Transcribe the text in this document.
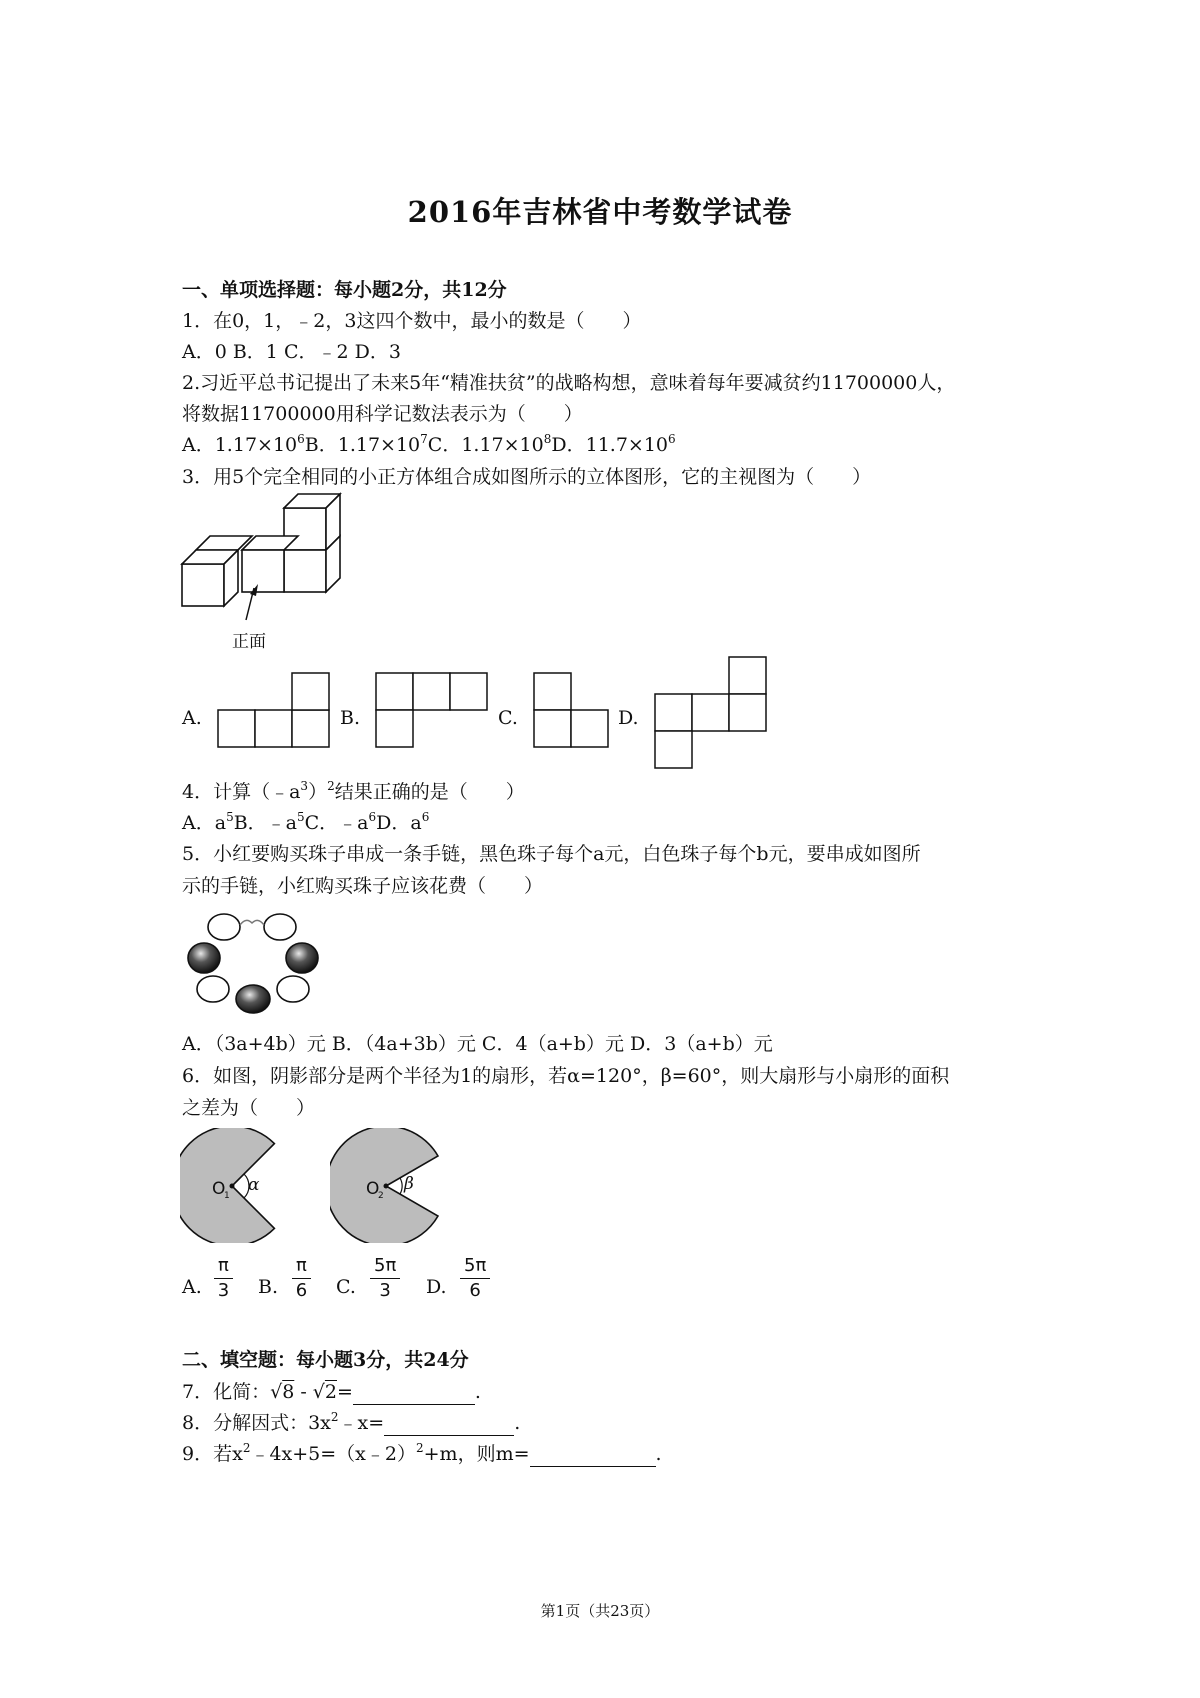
2016年吉林省中考数学试卷
一、单项选择题：每小题2分，共12分
1．在0，1，﹣2，3这四个数中，最小的数是（　　）
A．0 B．1 C．﹣2 D．3
2.习近平总书记提出了未来5年“精准扶贫”的战略构想，意味着每年要减贫约11700000人，
将数据11700000用科学记数法表示为（　　）
A．$1.17\times 10^6B$．$1.17\times 10^7C$．$1.17\times 10^8D$．$11.7\times 10^6$
3．用5个完全相同的小正方体组合成如图所示的立体图形，它的主视图为（　　）
正面
A.	B.	C.	D.
4．计算$(﹣a^3)^2$结果正确的是（　　）
A．$a^5B$．$﹣a^5C$．$﹣a^6D$．$a^6$
5．小红要购买珠子串成一条手链，黑色珠子每个a元，白色珠子每个b元，要串成如图所
示的手链，小红购买珠子应该花费（　　）
A．（3a+4b）元 B．（4a+3b）元 C．4（a+b）元 D．3（a+b）元
6．如图，阴影部分是两个半径为1的扇形，若α=120°，β=60°，则大扇形与小扇形的面积
之差为（　　）
O
1
α	O
2
β
A. $\frac{\pi}{3} B$. $\frac{\pi}{6} C$. $\frac{5\pi}{3} D$. $\frac{5\pi}{6}$
二、填空题：每小题3分，共24分
7．化简：√8 - √2=	.
8．分解因式：$3x^2﹣x=$	.
9．若$x^2﹣4x+5=(x﹣2)^2+m$，则m=	.
第1页（共23页）
